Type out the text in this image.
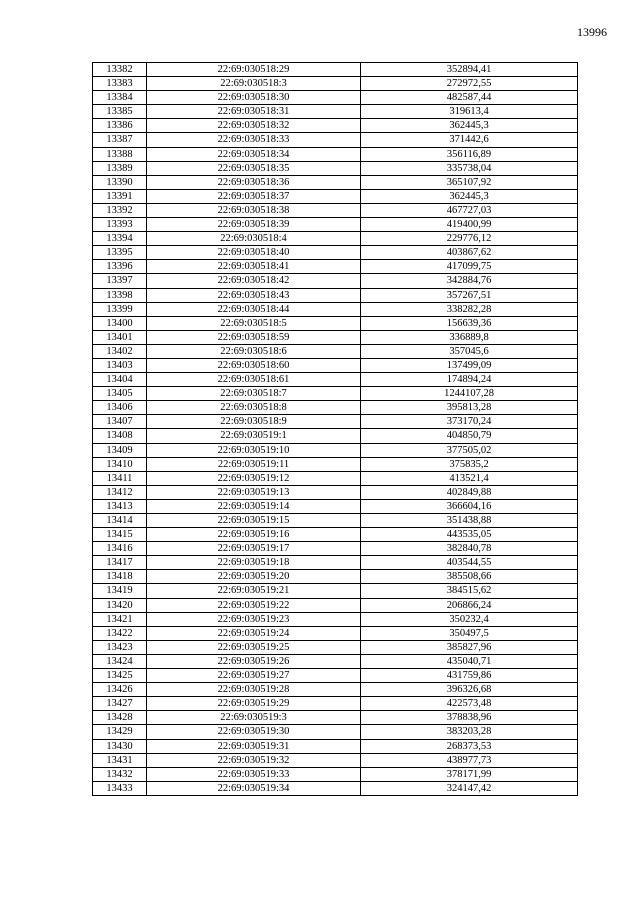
13996
13382	22:69:030518:29	352894,41
13383	22:69:030518:3	272972,55
13384	22:69:030518:30	482587,44
13385	22:69:030518:31	319613,4
13386	22:69:030518:32	362445,3
13387	22:69:030518:33	371442,6
13388	22:69:030518:34	356116,89
13389	22:69:030518:35	335738,04
13390	22:69:030518:36	365107,92
13391	22:69:030518:37	362445,3
13392	22:69:030518:38	467727,03
13393	22:69:030518:39	419400,99
13394	22:69:030518:4	229776,12
13395	22:69:030518:40	403867,62
13396	22:69:030518:41	417099,75
13397	22:69:030518:42	342884,76
13398	22:69:030518:43	357267,51
13399	22:69:030518:44	338282,28
13400	22:69:030518:5	156639,36
13401	22:69:030518:59	336889,8
13402	22:69:030518:6	357045,6
13403	22:69:030518:60	137499,09
13404	22:69:030518:61	174894,24
13405	22:69:030518:7	1244107,28
13406	22:69:030518:8	395813,28
13407	22:69:030518:9	373170,24
13408	22:69:030519:1	404850,79
13409	22:69:030519:10	377505,02
13410	22:69:030519:11	375835,2
13411	22:69:030519:12	413521,4
13412	22:69:030519:13	402849,88
13413	22:69:030519:14	366604,16
13414	22:69:030519:15	351438,88
13415	22:69:030519:16	443535,05
13416	22:69:030519:17	382840,78
13417	22:69:030519:18	403544,55
13418	22:69:030519:20	385508,66
13419	22:69:030519:21	384515,62
13420	22:69:030519:22	206866,24
13421	22:69:030519:23	350232,4
13422	22:69:030519:24	350497,5
13423	22:69:030519:25	385827,96
13424	22:69:030519:26	435040,71
13425	22:69:030519:27	431759,86
13426	22:69:030519:28	396326,68
13427	22:69:030519:29	422573,48
13428	22:69:030519:3	378838,96
13429	22:69:030519:30	383203,28
13430	22:69:030519:31	268373,53
13431	22:69:030519:32	438977,73
13432	22:69:030519:33	378171,99
13433	22:69:030519:34	324147,42
